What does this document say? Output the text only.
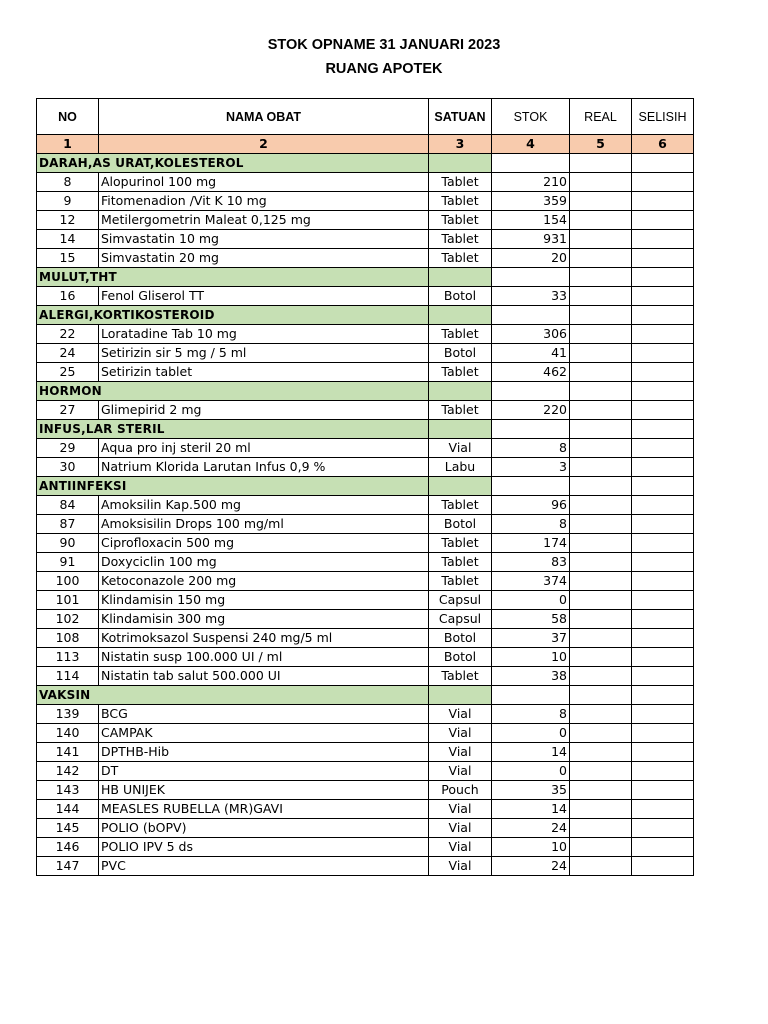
STOK OPNAME 31 JANUARI 2023
RUANG APOTEK
NO	NAMA OBAT	SATUAN	STOK	REAL	SELISIH
1	2	3	4	5	6
DARAH,AS URAT,KOLESTEROL					
8	Alopurinol 100 mg	Tablet	210		
9	Fitomenadion /Vit K 10 mg	Tablet	359		
12	Metilergometrin Maleat 0,125 mg	Tablet	154		
14	Simvastatin 10 mg	Tablet	931		
15	Simvastatin 20 mg	Tablet	20		
MULUT,THT					
16	Fenol Gliserol TT	Botol	33		
ALERGI,KORTIKOSTEROID					
22	Loratadine Tab 10 mg	Tablet	306		
24	Setirizin sir 5 mg / 5 ml	Botol	41		
25	Setirizin tablet	Tablet	462		
HORMON					
27	Glimepirid 2 mg	Tablet	220		
INFUS,LAR STERIL					
29	Aqua pro inj steril 20 ml	Vial	8		
30	Natrium Klorida Larutan Infus 0,9 %	Labu	3		
ANTIINFEKSI					
84	Amoksilin Kap.500 mg	Tablet	96		
87	Amoksisilin Drops 100 mg/ml	Botol	8		
90	Ciprofloxacin 500 mg	Tablet	174		
91	Doxyciclin 100 mg	Tablet	83		
100	Ketoconazole 200 mg	Tablet	374		
101	Klindamisin 150 mg	Capsul	0		
102	Klindamisin 300 mg	Capsul	58		
108	Kotrimoksazol Suspensi 240 mg/5 ml	Botol	37		
113	Nistatin susp 100.000 UI / ml	Botol	10		
114	Nistatin tab salut 500.000 UI	Tablet	38		
VAKSIN					
139	BCG	Vial	8		
140	CAMPAK	Vial	0		
141	DPTHB-Hib	Vial	14		
142	DT	Vial	0		
143	HB UNIJEK	Pouch	35		
144	MEASLES RUBELLA (MR)GAVI	Vial	14		
145	POLIO (bOPV)	Vial	24		
146	POLIO IPV 5 ds	Vial	10		
147	PVC	Vial	24		
